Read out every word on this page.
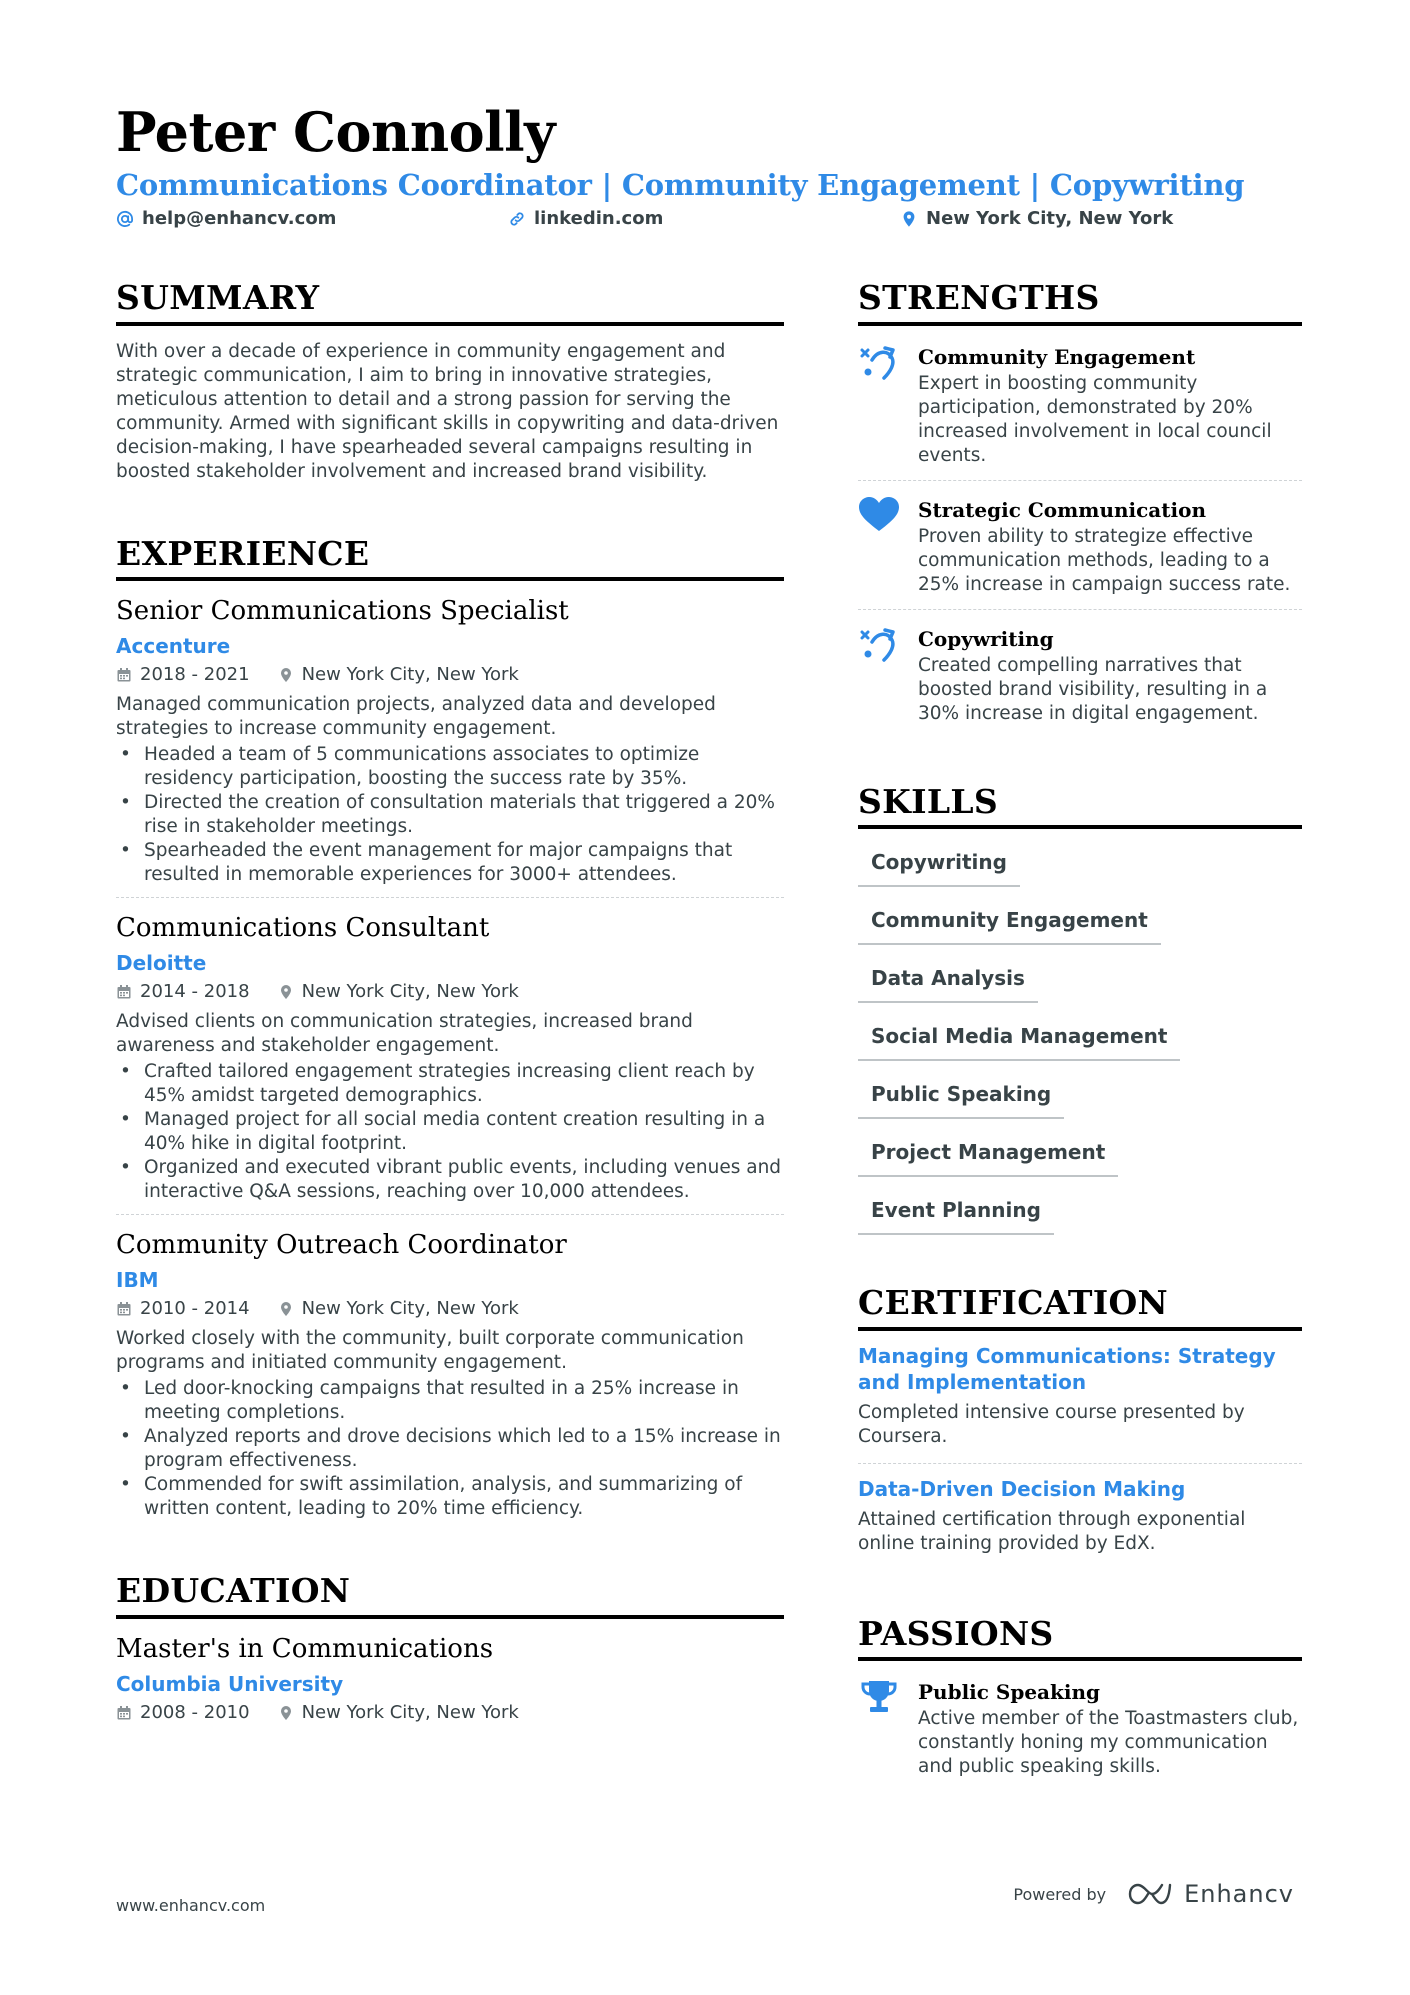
Peter Connolly
Communications Coordinator | Community Engagement | Copywriting
help@enhancv.com	linkedin.com	New York City, New York
SUMMARY

With over a decade of experience in community engagement and strategic communication, I aim to bring in innovative strategies, meticulous attention to detail and a strong passion for serving the community. Armed with significant skills in copywriting and data-driven decision-making, I have spearheaded several campaigns resulting in boosted stakeholder involvement and increased brand visibility.

EXPERIENCE
Senior Communications Specialist
Accenture
2018 - 2021	New York City, New York

Managed communication projects, analyzed data and developed strategies to increase community engagement.

• Headed a team of 5 communications associates to optimize residency participation, boosting the success rate by 35%.
• Directed the creation of consultation materials that triggered a 20% rise in stakeholder meetings.
• Spearheaded the event management for major campaigns that resulted in memorable experiences for 3000+ attendees.
Communications Consultant
Deloitte
2014 - 2018	New York City, New York

Advised clients on communication strategies, increased brand awareness and stakeholder engagement.

• Crafted tailored engagement strategies increasing client reach by 45% amidst targeted demographics.
• Managed project for all social media content creation resulting in a 40% hike in digital footprint.
• Organized and executed vibrant public events, including venues and interactive Q&A sessions, reaching over 10,000 attendees.
Community Outreach Coordinator
IBM
2010 - 2014	New York City, New York

Worked closely with the community, built corporate communication programs and initiated community engagement.

• Led door-knocking campaigns that resulted in a 25% increase in meeting completions.
• Analyzed reports and drove decisions which led to a 15% increase in program effectiveness.
• Commended for swift assimilation, analysis, and summarizing of written content, leading to 20% time efficiency.
EDUCATION
Master's in Communications
Columbia University
2008 - 2010	New York City, New York
STRENGTHS
Community Engagement

Expert in boosting community participation, demonstrated by 20% increased involvement in local council events.

Strategic Communication

Proven ability to strategize effective communication methods, leading to a 25% increase in campaign success rate.

Copywriting

Created compelling narratives that boosted brand visibility, resulting in a 30% increase in digital engagement.

SKILLS
Copywriting
Community Engagement
Data Analysis
Social Media Management
Public Speaking
Project Management
Event Planning
CERTIFICATION
Managing Communications: Strategy and Implementation

Completed intensive course presented by Coursera.

Data-Driven Decision Making

Attained certification through exponential online training provided by EdX.

PASSIONS
Public Speaking

Active member of the Toastmasters club, constantly honing my communication and public speaking skills.

www.enhancv.com
Powered by	Enhancv
